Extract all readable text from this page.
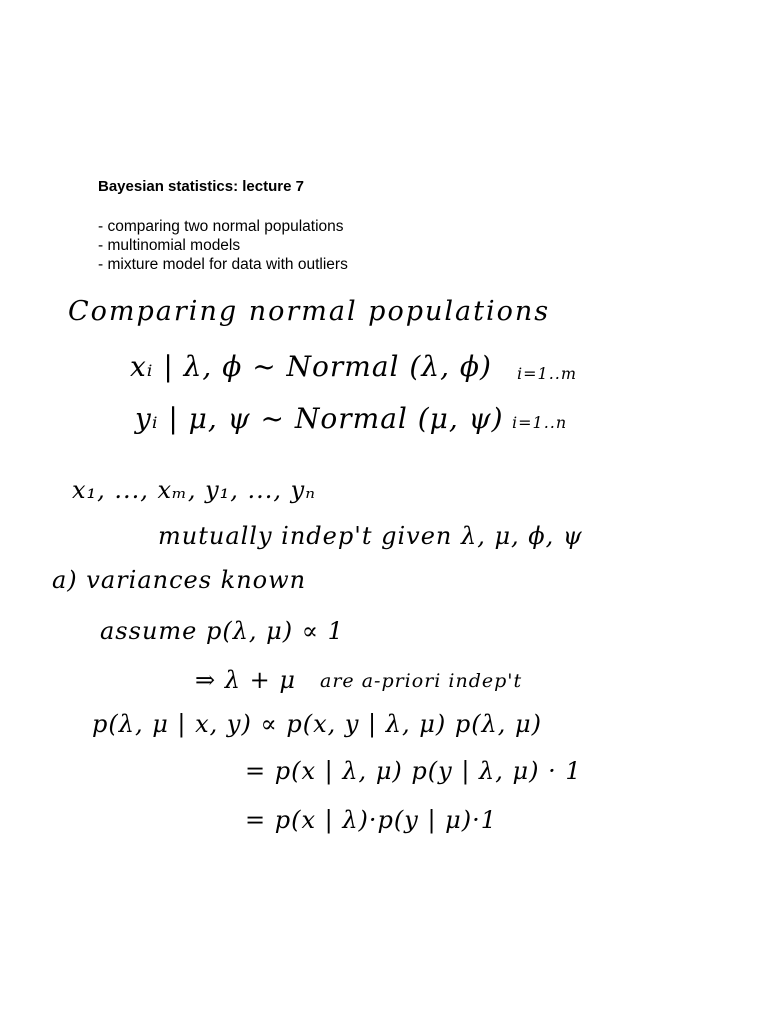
Bayesian statistics: lecture 7
- comparing two normal populations
- multinomial models
- mixture model for data with outliers
Comparing normal populations
xᵢ | λ, ϕ ~ Normal (λ, ϕ) i=1..m
yᵢ | μ, ψ ~ Normal (μ, ψ) i=1..n
x₁, ..., xₘ, y₁, ..., yₙ
mutually indep't given λ, μ, ϕ, ψ
a) variances known
assume p(λ, μ) ∝ 1
⇒ λ + μ are a-priori indep't
p(λ, μ | x, y) ∝ p(x, y | λ, μ) p(λ, μ)
= p(x | λ, μ) p(y | λ, μ) · 1
= p(x | λ)·p(y | μ)·1
